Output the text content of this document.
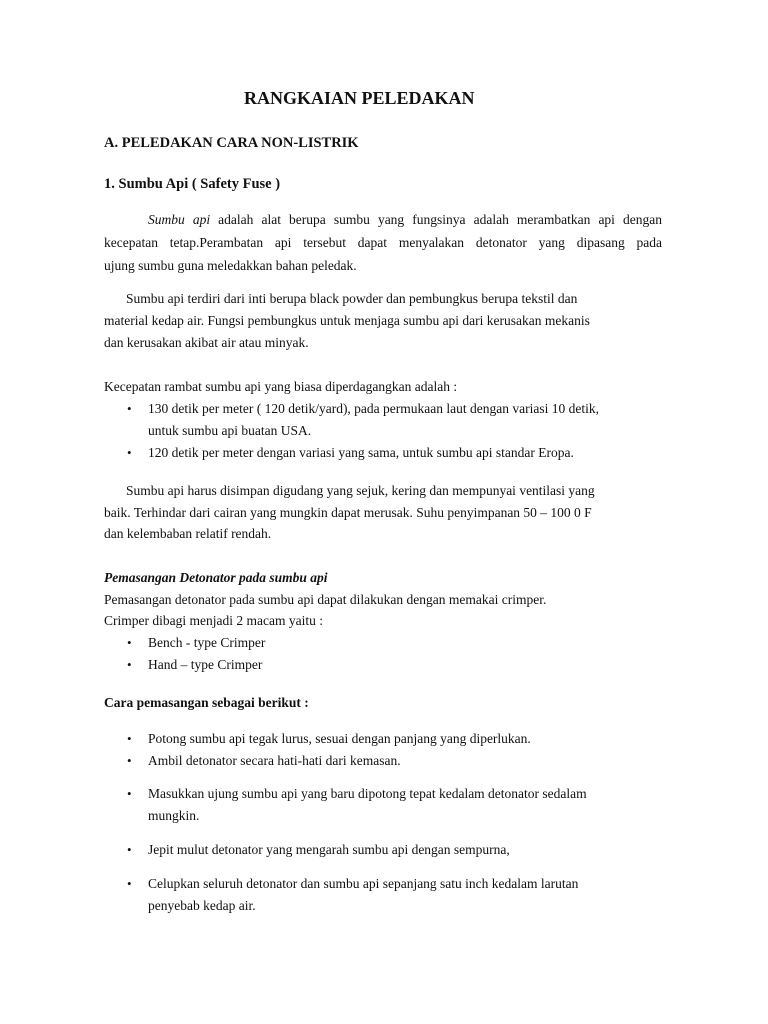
RANGKAIAN PELEDAKAN
A. PELEDAKAN CARA NON-LISTRIK
1. Sumbu Api ( Safety Fuse )
Sumbu api adalah alat berupa sumbu yang fungsinya adalah merambatkan api dengan
kecepatan tetap.Perambatan api tersebut dapat menyalakan detonator yang dipasang pada
ujung sumbu guna meledakkan bahan peledak.
Sumbu api terdiri dari inti berupa black powder dan pembungkus berupa tekstil dan
material kedap air. Fungsi pembungkus untuk menjaga sumbu api dari kerusakan mekanis
dan kerusakan akibat air atau minyak.
Kecepatan rambat sumbu api yang biasa diperdagangkan adalah :
• 130 detik per meter ( 120 detik/yard), pada permukaan laut dengan variasi 10 detik,
untuk sumbu api buatan USA.
• 120 detik per meter dengan variasi yang sama, untuk sumbu api standar Eropa.
Sumbu api harus disimpan digudang yang sejuk, kering dan mempunyai ventilasi yang
baik. Terhindar dari cairan yang mungkin dapat merusak. Suhu penyimpanan 50 – 100 0 F
dan kelembaban relatif rendah.
Pemasangan Detonator pada sumbu api
Pemasangan detonator pada sumbu api dapat dilakukan dengan memakai crimper.
Crimper dibagi menjadi 2 macam yaitu :
• Bench - type Crimper
• Hand – type Crimper
Cara pemasangan sebagai berikut :
• Potong sumbu api tegak lurus, sesuai dengan panjang yang diperlukan.
• Ambil detonator secara hati-hati dari kemasan.
• Masukkan ujung sumbu api yang baru dipotong tepat kedalam detonator sedalam
mungkin.
• Jepit mulut detonator yang mengarah sumbu api dengan sempurna,
• Celupkan seluruh detonator dan sumbu api sepanjang satu inch kedalam larutan
penyebab kedap air.
